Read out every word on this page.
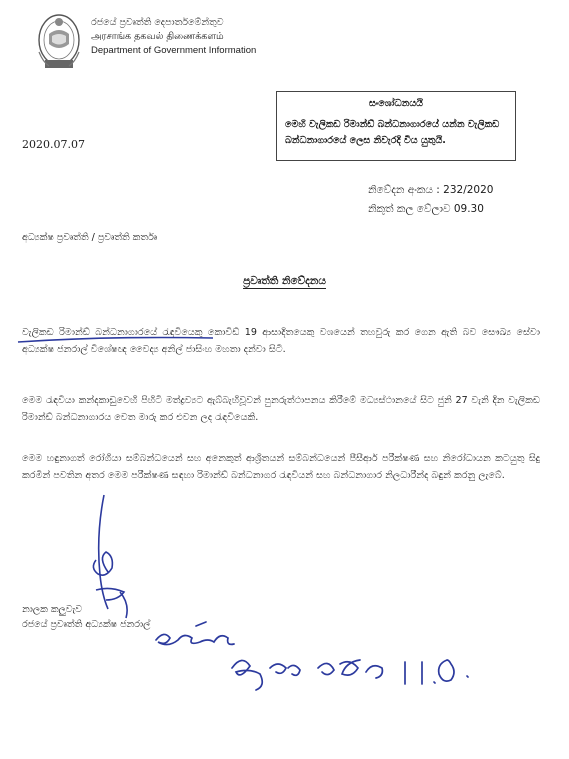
රජයේ ප්‍රවෘත්ති දෙපාර්තමේන්තුව
அரசாங்க தகவல் திணைக்களம்
Department of Government Information
සංශෝධනයයි
මෙහි වැලිකඩ රිමාන්ඩ් බන්ධනාගාරයේ යන්න වැලිකඩ බන්ධනාගාරයේ ලෙස නිවැරදි විය යුතුයි.
2020.07.07
නිවේදන අංකය : 232/2020
නිකුත් කල වේලාව 09.30
අධ්‍යක්ෂ ප්‍රවෘත්ති / ප්‍රවෘත්ති කර්තෘ
ප්‍රවෘත්ති නිවේදනය
වැලිකඩ රිමාන්ඩ් බන්ධනාගාරයේ රැඳවියෙකු කොවිඩ් 19 ආසාදිතයෙකු වශයෙන් තහවුරු කර ගෙන ඇති බව සෞඛ්‍ය සේවා අධ්‍යක්ෂ ජනරාල් විශේෂඥ වෛද්‍ය අනිල් ජාසිංහ මහතා දන්වා සිටී.
මෙම රැඳවියා කන්දකාඩුවෙහි පිහිටි මත්ද්‍රව්‍යට ඇබ්බැහිවූවන් පුනරුත්ථාපනය කිරීමේ මධ්‍යස්ථානයේ සිට ජුනි 27 වැනි දින වැලිකඩ රිමාන්ඩ් බන්ධනාගාරය වෙත මාරු කර එවන ලද රැඳවියෙකි.
මෙම හඳුනාගත් රෝගියා සම්බන්ධයෙන් සහ අනෙකුත් ආශ්‍රිතයන් සම්බන්ධයෙන් පීසීආර් පරීක්ෂණ සහ නිරෝධායන කටයුතු සිදු කරමින් පවතින අතර මෙම පරීක්ෂණ සඳහා රිමාන්ඩ් බන්ධනාගර රැඳවියන් සහ බන්ධනාගාර නිලධාරීන්ද බඳුන් කරනු ලැබේ.
නාලක කලුවැව
රජයේ ප්‍රවෘත්ති අධ්‍යක්ෂ ජනරාල්
